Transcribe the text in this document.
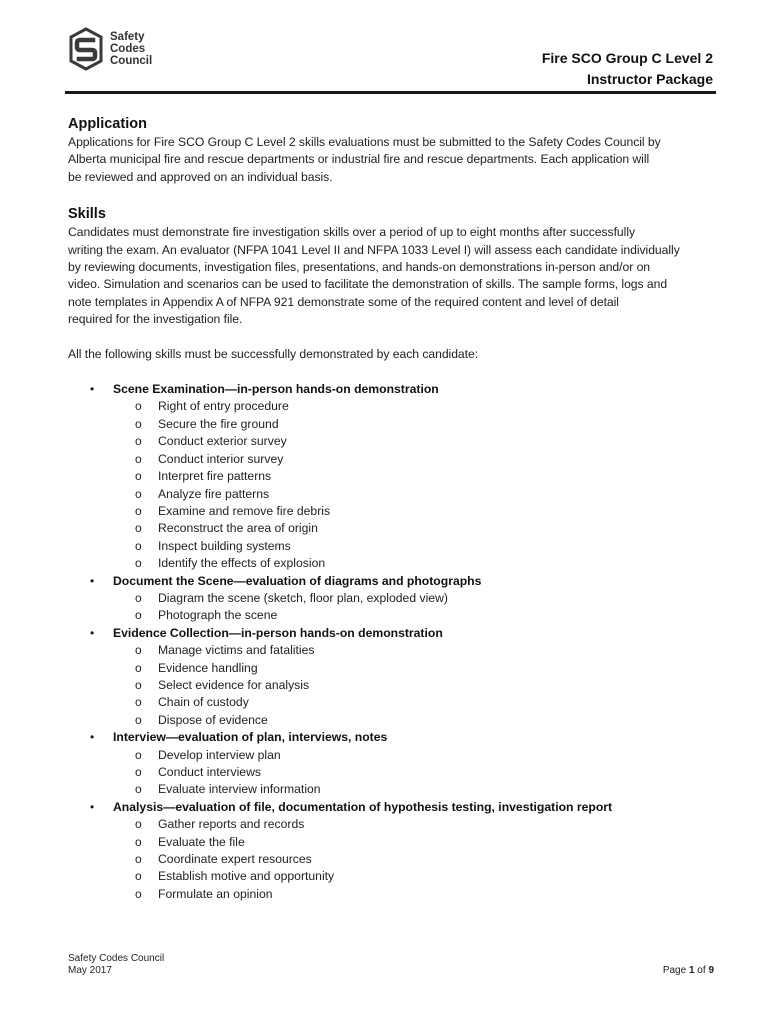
Safety
Codes
Council	Fire SCO Group C Level 2
Instructor Package
Application
Applications for Fire SCO Group C Level 2 skills evaluations must be submitted to the Safety Codes Council by
Alberta municipal fire and rescue departments or industrial fire and rescue departments. Each application will
be reviewed and approved on an individual basis.
Skills
Candidates must demonstrate fire investigation skills over a period of up to eight months after successfully
writing the exam. An evaluator (NFPA 1041 Level II and NFPA 1033 Level I) will assess each candidate individually
by reviewing documents, investigation files, presentations, and hands-on demonstrations in-person and/or on
video. Simulation and scenarios can be used to facilitate the demonstration of skills. The sample forms, logs and
note templates in Appendix A of NFPA 921 demonstrate some of the required content and level of detail
required for the investigation file.
All the following skills must be successfully demonstrated by each candidate:
• Scene Examination—in-person hands-on demonstration
o Right of entry procedure
o Secure the fire ground
o Conduct exterior survey
o Conduct interior survey
o Interpret fire patterns
o Analyze fire patterns
o Examine and remove fire debris
o Reconstruct the area of origin
o Inspect building systems
o Identify the effects of explosion
• Document the Scene—evaluation of diagrams and photographs
o Diagram the scene (sketch, floor plan, exploded view)
o Photograph the scene
• Evidence Collection—in-person hands-on demonstration
o Manage victims and fatalities
o Evidence handling
o Select evidence for analysis
o Chain of custody
o Dispose of evidence
• Interview—evaluation of plan, interviews, notes
o Develop interview plan
o Conduct interviews
o Evaluate interview information
• Analysis—evaluation of file, documentation of hypothesis testing, investigation report
o Gather reports and records
o Evaluate the file
o Coordinate expert resources
o Establish motive and opportunity
o Formulate an opinion
Safety Codes Council
May 2017	Page 1 of 9
